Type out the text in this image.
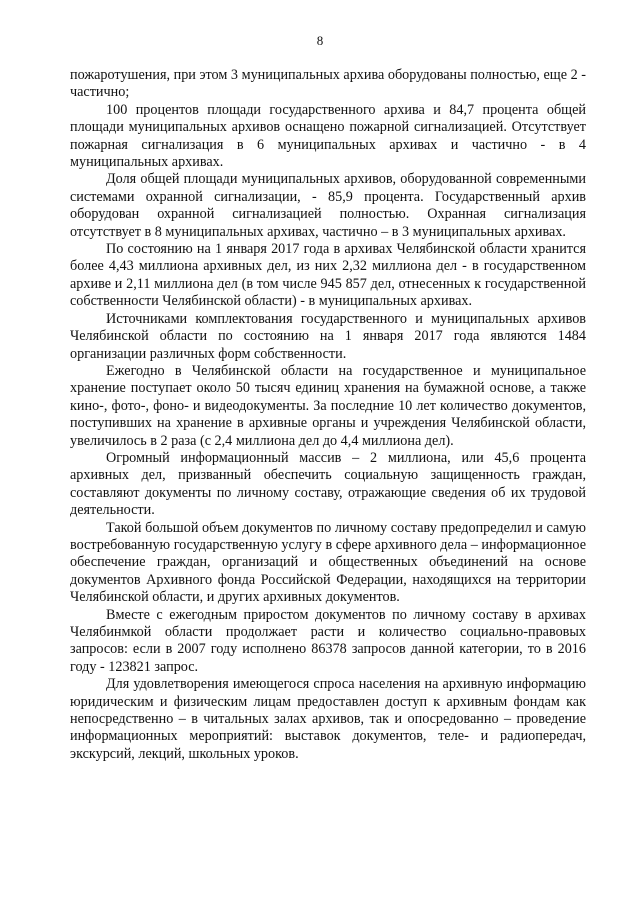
8

пожаротушения, при этом 3 муниципальных архива оборудованы полностью, еще 2 - частично;

100 процентов площади государственного архива и 84,7 процента общей площади муниципальных архивов оснащено пожарной сигнализацией. Отсутствует пожарная сигнализация в 6 муниципальных архивах и частично - в 4 муниципальных архивах.

Доля общей площади муниципальных архивов, оборудованной современными системами охранной сигнализации, - 85,9 процента. Государственный архив оборудован охранной сигнализацией полностью. Охранная сигнализация отсутствует в 8 муниципальных архивах, частично – в 3 муниципальных архивах.

По состоянию на 1 января 2017 года в архивах Челябинской области хранится более 4,43 миллиона архивных дел, из них 2,32 миллиона дел - в государственном архиве и 2,11 миллиона дел (в том числе 945 857 дел, отнесенных к государственной собственности Челябинской области) - в муниципальных архивах.

Источниками комплектования государственного и муниципальных архивов Челябинской области по состоянию на 1 января 2017 года являются 1484 организации различных форм собственности.

Ежегодно в Челябинской области на государственное и муниципальное хранение поступает около 50 тысяч единиц хранения на бумажной основе, а также кино-, фото-, фоно- и видеодокументы. За последние 10 лет количество документов, поступивших на хранение в архивные органы и учреждения Челябинской области, увеличилось в 2 раза (с 2,4 миллиона дел до 4,4 миллиона дел).

Огромный информационный массив – 2 миллиона, или 45,6 процента архивных дел, призванный обеспечить социальную защищенность граждан, составляют документы по личному составу, отражающие сведения об их трудовой деятельности.

Такой большой объем документов по личному составу предопределил и самую востребованную государственную услугу в сфере архивного дела – информационное обеспечение граждан, организаций и общественных объединений на основе документов Архивного фонда Российской Федерации, находящихся на территории Челябинской области, и других архивных документов.

Вместе с ежегодным приростом документов по личному составу в архивах Челябинмкой области продолжает расти и количество социально-правовых запросов: если в 2007 году исполнено 86378 запросов данной категории, то в 2016 году - 123821 запрос.

Для удовлетворения имеющегося спроса населения на архивную информацию юридическим и физическим лицам предоставлен доступ к архивным фондам как непосредственно – в читальных залах архивов, так и опосредованно – проведение информационных мероприятий: выставок документов, теле- и радиопередач, экскурсий, лекций, школьных уроков.
